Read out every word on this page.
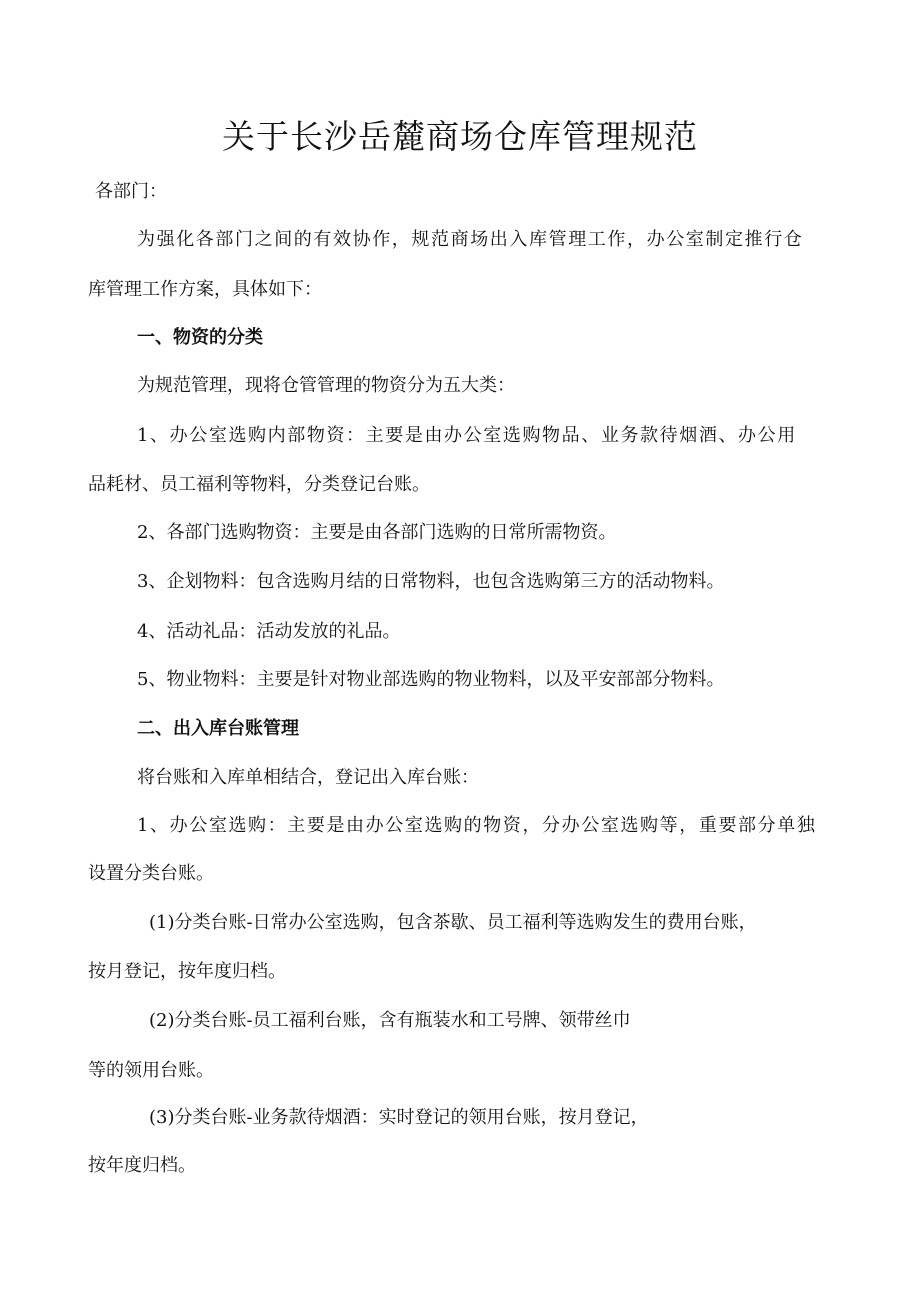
关于长沙岳麓商场仓库管理规范

各部门：

为强化各部门之间的有效协作，规范商场出入库管理工作，办公室制定推行仓

库管理工作方案，具体如下：

一、物资的分类

为规范管理，现将仓管管理的物资分为五大类：

1、办公室选购内部物资：主要是由办公室选购物品、业务款待烟酒、办公用

品耗材、员工福利等物料，分类登记台账。

2、各部门选购物资：主要是由各部门选购的日常所需物资。

3、企划物料：包含选购月结的日常物料，也包含选购第三方的活动物料。

4、活动礼品：活动发放的礼品。

5、物业物料：主要是针对物业部选购的物业物料，以及平安部部分物料。

二、出入库台账管理

将台账和入库单相结合，登记出入库台账：

1、办公室选购：主要是由办公室选购的物资，分办公室选购等，重要部分单独

设置分类台账。

(1)分类台账-日常办公室选购，包含茶歇、员工福利等选购发生的费用台账，

按月登记，按年度归档。

(2)分类台账-员工福利台账，含有瓶装水和工号牌、领带丝巾

等的领用台账。

(3)分类台账-业务款待烟酒：实时登记的领用台账，按月登记，

按年度归档。
